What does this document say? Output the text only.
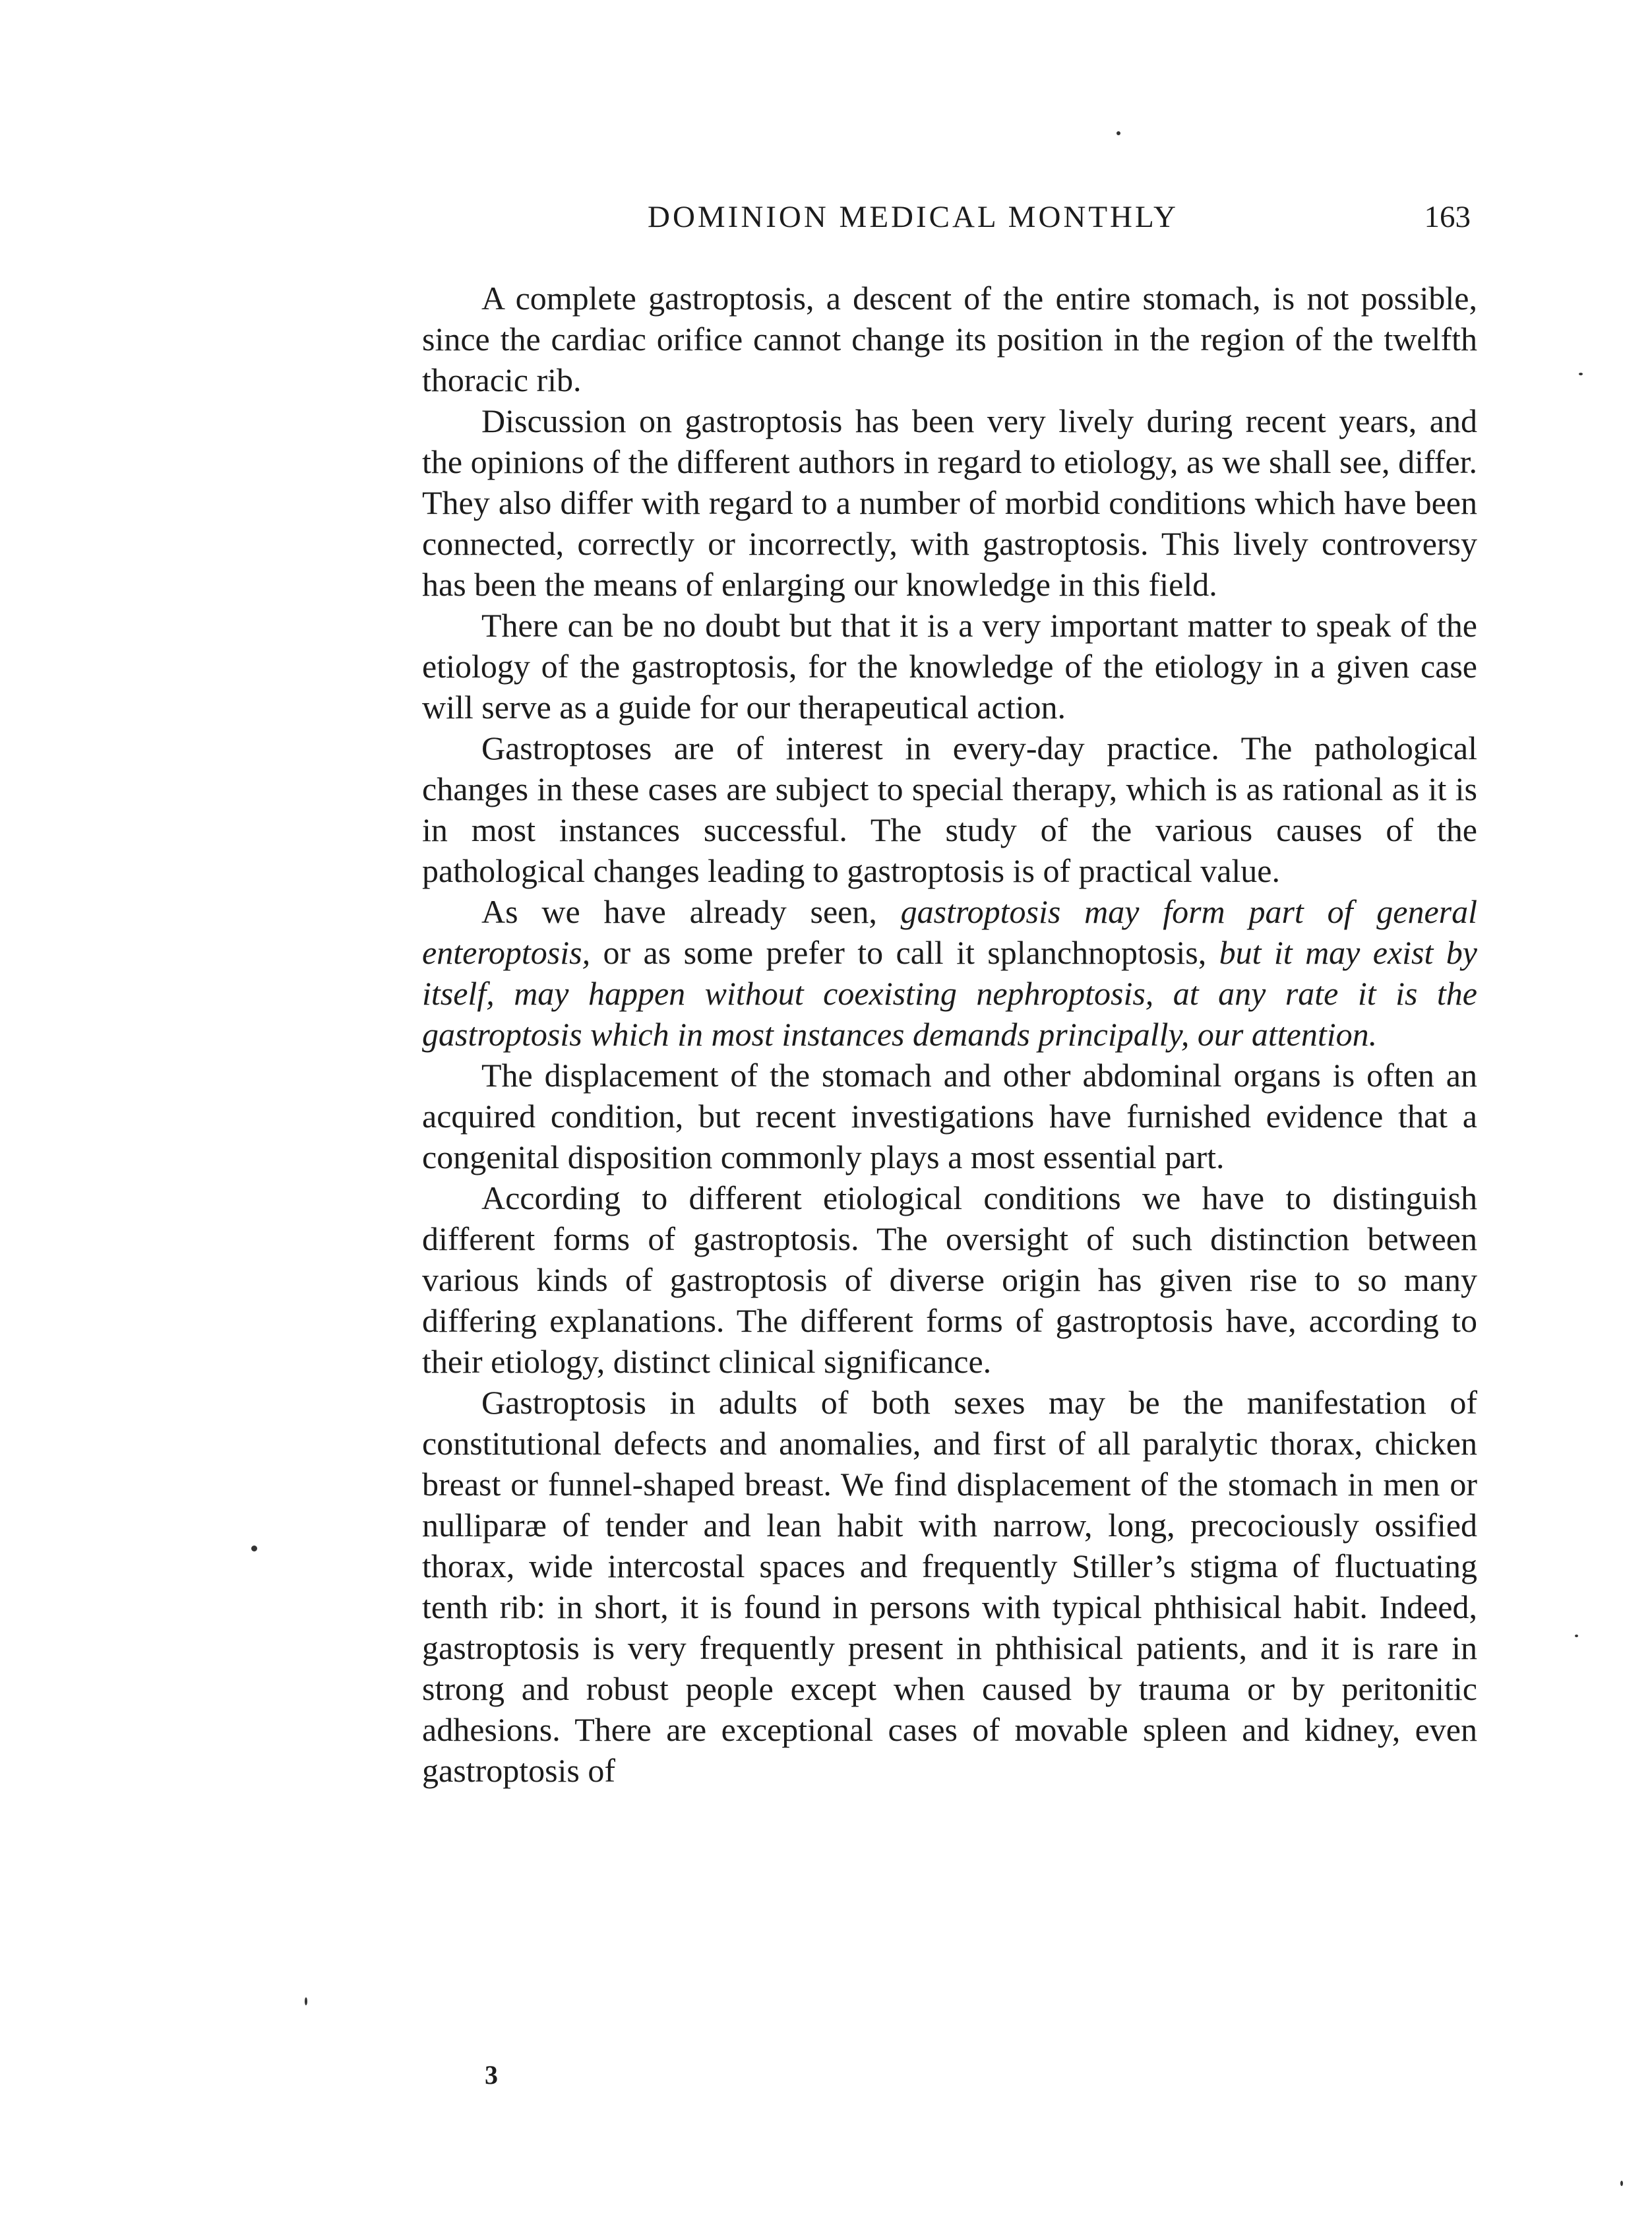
DOMINION MEDICAL MONTHLY	163

A complete gastroptosis, a descent of the entire stomach, is not possible, since the cardiac orifice cannot change its position in the region of the twelfth thoracic rib.

Discussion on gastroptosis has been very lively during recent years, and the opinions of the different authors in regard to etiology, as we shall see, differ. They also differ with regard to a number of morbid conditions which have been connected, correctly or incorrectly, with gastroptosis. This lively controversy has been the means of enlarging our knowledge in this field.

There can be no doubt but that it is a very important matter to speak of the etiology of the gastroptosis, for the knowledge of the etiology in a given case will serve as a guide for our therapeutical action.

Gastroptoses are of interest in every-day practice. The pathological changes in these cases are subject to special therapy, which is as rational as it is in most instances successful. The study of the various causes of the pathological changes leading to gastroptosis is of practical value.

As we have already seen, gastroptosis may form part of general enteroptosis, or as some prefer to call it splanchnoptosis, but it may exist by itself, may happen without coexisting nephroptosis, at any rate it is the gastroptosis which in most instances demands principally, our attention.

The displacement of the stomach and other abdominal organs is often an acquired condition, but recent investigations have furnished evidence that a congenital disposition commonly plays a most essential part.

According to different etiological conditions we have to distinguish different forms of gastroptosis. The oversight of such distinction between various kinds of gastroptosis of diverse origin has given rise to so many differing explanations. The different forms of gastroptosis have, according to their etiology, distinct clinical significance.

Gastroptosis in adults of both sexes may be the manifestation of constitutional defects and anomalies, and first of all paralytic thorax, chicken breast or funnel-shaped breast. We find displacement of the stomach in men or nulliparæ of tender and lean habit with narrow, long, precociously ossified thorax, wide intercostal spaces and frequently Stiller’s stigma of fluctuating tenth rib: in short, it is found in persons with typical phthisical habit. Indeed, gastroptosis is very frequently present in phthisical patients, and it is rare in strong and robust people except when caused by trauma or by peritonitic adhesions. There are exceptional cases of movable spleen and kidney, even gastroptosis of

3
